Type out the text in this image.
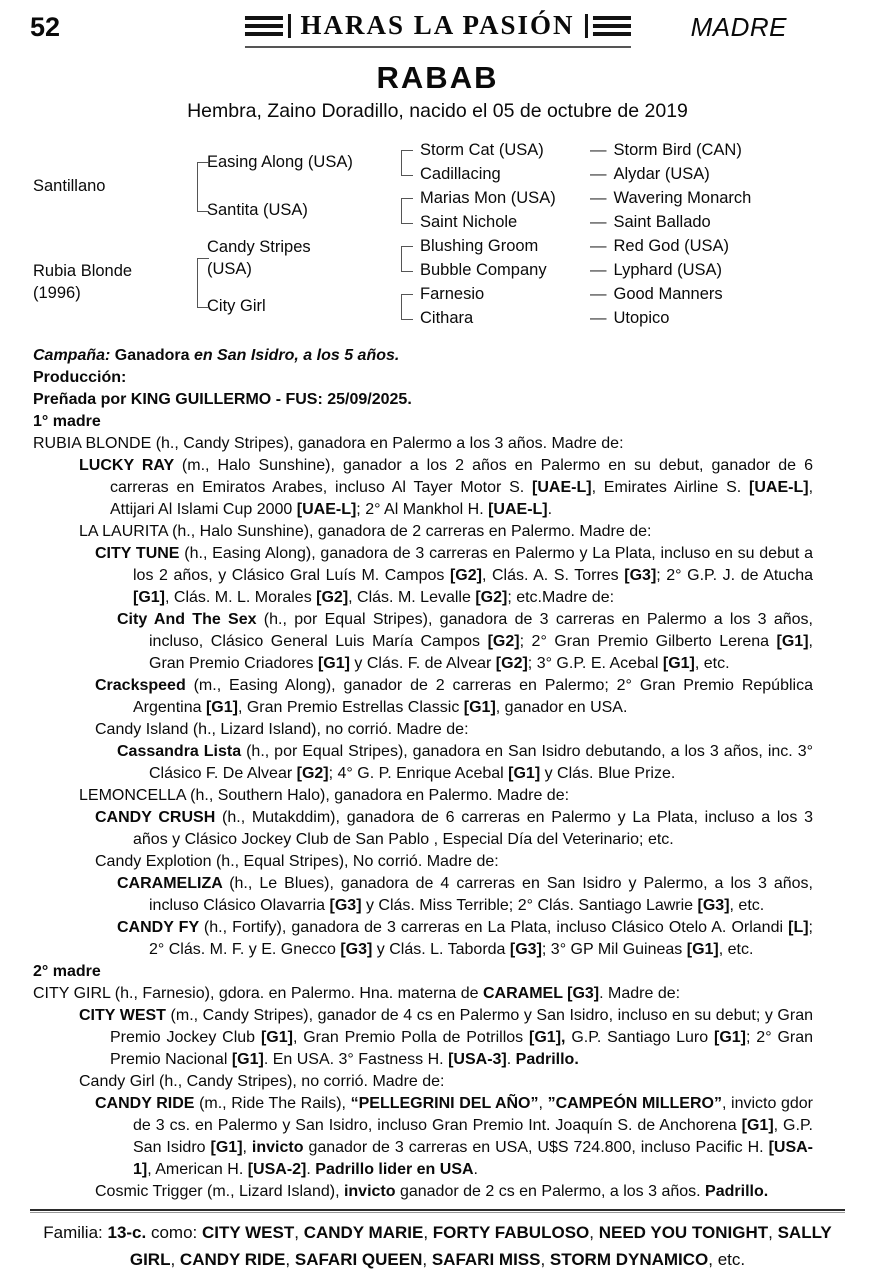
52	HARAS LA PASIÓN	MADRE
RABAB
Hembra, Zaino Doradillo, nacido el 05 de octubre de 2019
Santillano
Rubia Blonde
(1996)
Easing Along (USA)
Santita (USA)
Candy Stripes
(USA)
City Girl
Storm Cat (USA)
Cadillacing
Marias Mon (USA)
Saint Nichole
Blushing Groom
Bubble Company
Farnesio
Cithara
— Storm Bird (CAN)
— Alydar (USA)
— Wavering Monarch
— Saint Ballado
— Red God (USA)
— Lyphard (USA)
— Good Manners
— Utopico

Campaña: Ganadora en San Isidro, a los 5 años.

Producción:

Preñada por KING GUILLERMO - FUS: 25/09/2025.

1° madre

RUBIA BLONDE (h., Candy Stripes), ganadora en Palermo a los 3 años. Madre de:

LUCKY RAY (m., Halo Sunshine), ganador a los 2 años en Palermo en su debut, ganador de 6 carreras en Emiratos Arabes, incluso Al Tayer Motor S. [UAE-L], Emirates Airline S. [UAE-L], Attijari Al Islami Cup 2000 [UAE-L]; 2° Al Mankhol H. [UAE-L].

LA LAURITA (h., Halo Sunshine), ganadora de 2 carreras en Palermo. Madre de:

CITY TUNE (h., Easing Along), ganadora de 3 carreras en Palermo y La Plata, incluso en su debut a los 2 años, y Clásico Gral Luís M. Campos [G2], Clás. A. S. Torres [G3]; 2° G.P. J. de Atucha [G1], Clás. M. L. Morales [G2], Clás. M. Levalle [G2]; etc.Madre de:

City And The Sex (h., por Equal Stripes), ganadora de 3 carreras en Palermo a los 3 años, incluso, Clásico General Luis María Campos [G2]; 2° Gran Premio Gilberto Lerena [G1], Gran Premio Criadores [G1] y Clás. F. de Alvear [G2]; 3° G.P. E. Acebal [G1], etc.

Crackspeed (m., Easing Along), ganador de 2 carreras en Palermo; 2° Gran Premio República Argentina [G1], Gran Premio Estrellas Classic [G1], ganador en USA.

Candy Island (h., Lizard Island), no corrió. Madre de:

Cassandra Lista (h., por Equal Stripes), ganadora en San Isidro debutando, a los 3 años, inc. 3° Clásico F. De Alvear [G2]; 4° G. P. Enrique Acebal [G1] y Clás. Blue Prize.

LEMONCELLA (h., Southern Halo), ganadora en Palermo. Madre de:

CANDY CRUSH (h., Mutakddim), ganadora de 6 carreras en Palermo y La Plata, incluso a los 3 años y Clásico Jockey Club de San Pablo , Especial Día del Veterinario; etc.

Candy Explotion (h., Equal Stripes), No corrió. Madre de:

CARAMELIZA (h., Le Blues), ganadora de 4 carreras en San Isidro y Palermo, a los 3 años, incluso Clásico Olavarria [G3] y Clás. Miss Terrible; 2° Clás. Santiago Lawrie [G3], etc.

CANDY FY (h., Fortify), ganadora de 3 carreras en La Plata, incluso Clásico Otelo A. Orlandi [L]; 2° Clás. M. F. y E. Gnecco [G3] y Clás. L. Taborda [G3]; 3° GP Mil Guineas [G1], etc.

2° madre

CITY GIRL (h., Farnesio), gdora. en Palermo. Hna. materna de CARAMEL [G3]. Madre de:

CITY WEST (m., Candy Stripes), ganador de 4 cs en Palermo y San Isidro, incluso en su debut; y Gran Premio Jockey Club [G1], Gran Premio Polla de Potrillos [G1], G.P. Santiago Luro [G1]; 2° Gran Premio Nacional [G1]. En USA. 3° Fastness H. [USA-3]. Padrillo.

Candy Girl (h., Candy Stripes), no corrió. Madre de:

CANDY RIDE (m., Ride The Rails), “PELLEGRINI DEL AÑO”, ”CAMPEÓN MILLERO”, invicto gdor de 3 cs. en Palermo y San Isidro, incluso Gran Premio Int. Joaquín S. de Anchorena [G1], G.P. San Isidro [G1], invicto ganador de 3 carreras en USA, U$S 724.800, incluso Pacific H. [USA-1], American H. [USA-2]. Padrillo lider en USA.

Cosmic Trigger (m., Lizard Island), invicto ganador de 2 cs en Palermo, a los 3 años. Padrillo.

Familia: 13-c. como: CITY WEST, CANDY MARIE, FORTY FABULOSO, NEED YOU TONIGHT, SALLY GIRL, CANDY RIDE, SAFARI QUEEN, SAFARI MISS, STORM DYNAMICO, etc.
